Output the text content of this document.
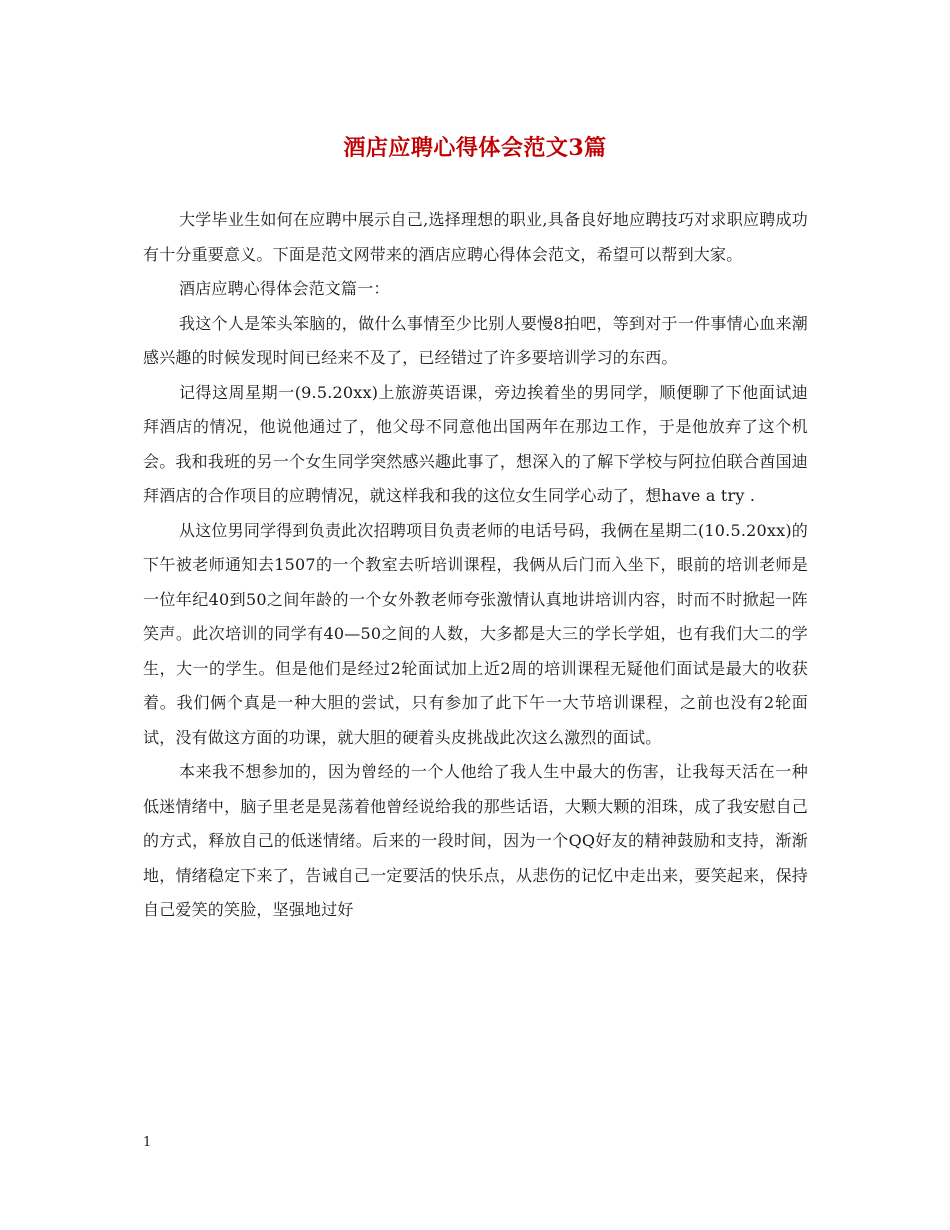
酒店应聘心得体会范文3篇

大学毕业生如何在应聘中展示自己,选择理想的职业,具备良好地应聘技巧对求职应聘成功有十分重要意义。下面是范文网带来的酒店应聘心得体会范文，希望可以帮到大家。

酒店应聘心得体会范文篇一：

我这个人是笨头笨脑的，做什么事情至少比别人要慢8拍吧，等到对于一件事情心血来潮感兴趣的时候发现时间已经来不及了，已经错过了许多要培训学习的东西。

记得这周星期一(9.5.20xx)上旅游英语课，旁边挨着坐的男同学，顺便聊了下他面试迪拜酒店的情况，他说他通过了，他父母不同意他出国两年在那边工作，于是他放弃了这个机会。我和我班的另一个女生同学突然感兴趣此事了，想深入的了解下学校与阿拉伯联合酋国迪拜酒店的合作项目的应聘情况，就这样我和我的这位女生同学心动了，想have a try .

从这位男同学得到负责此次招聘项目负责老师的电话号码，我俩在星期二(10.5.20xx)的下午被老师通知去1507的一个教室去听培训课程，我俩从后门而入坐下，眼前的培训老师是一位年纪40到50之间年龄的一个女外教老师夸张激情认真地讲培训内容，时而不时掀起一阵笑声。此次培训的同学有40—50之间的人数，大多都是大三的学长学姐，也有我们大二的学生，大一的学生。但是他们是经过2轮面试加上近2周的培训课程无疑他们面试是最大的收获着。我们俩个真是一种大胆的尝试，只有参加了此下午一大节培训课程，之前也没有2轮面试，没有做这方面的功课，就大胆的硬着头皮挑战此次这么激烈的面试。

本来我不想参加的，因为曾经的一个人他给了我人生中最大的伤害，让我每天活在一种低迷情绪中，脑子里老是晃荡着他曾经说给我的那些话语，大颗大颗的泪珠，成了我安慰自己的方式，释放自己的低迷情绪。后来的一段时间，因为一个QQ好友的精神鼓励和支持，渐渐地，情绪稳定下来了，告诫自己一定要活的快乐点，从悲伤的记忆中走出来，要笑起来，保持自己爱笑的笑脸，坚强地过好

1
